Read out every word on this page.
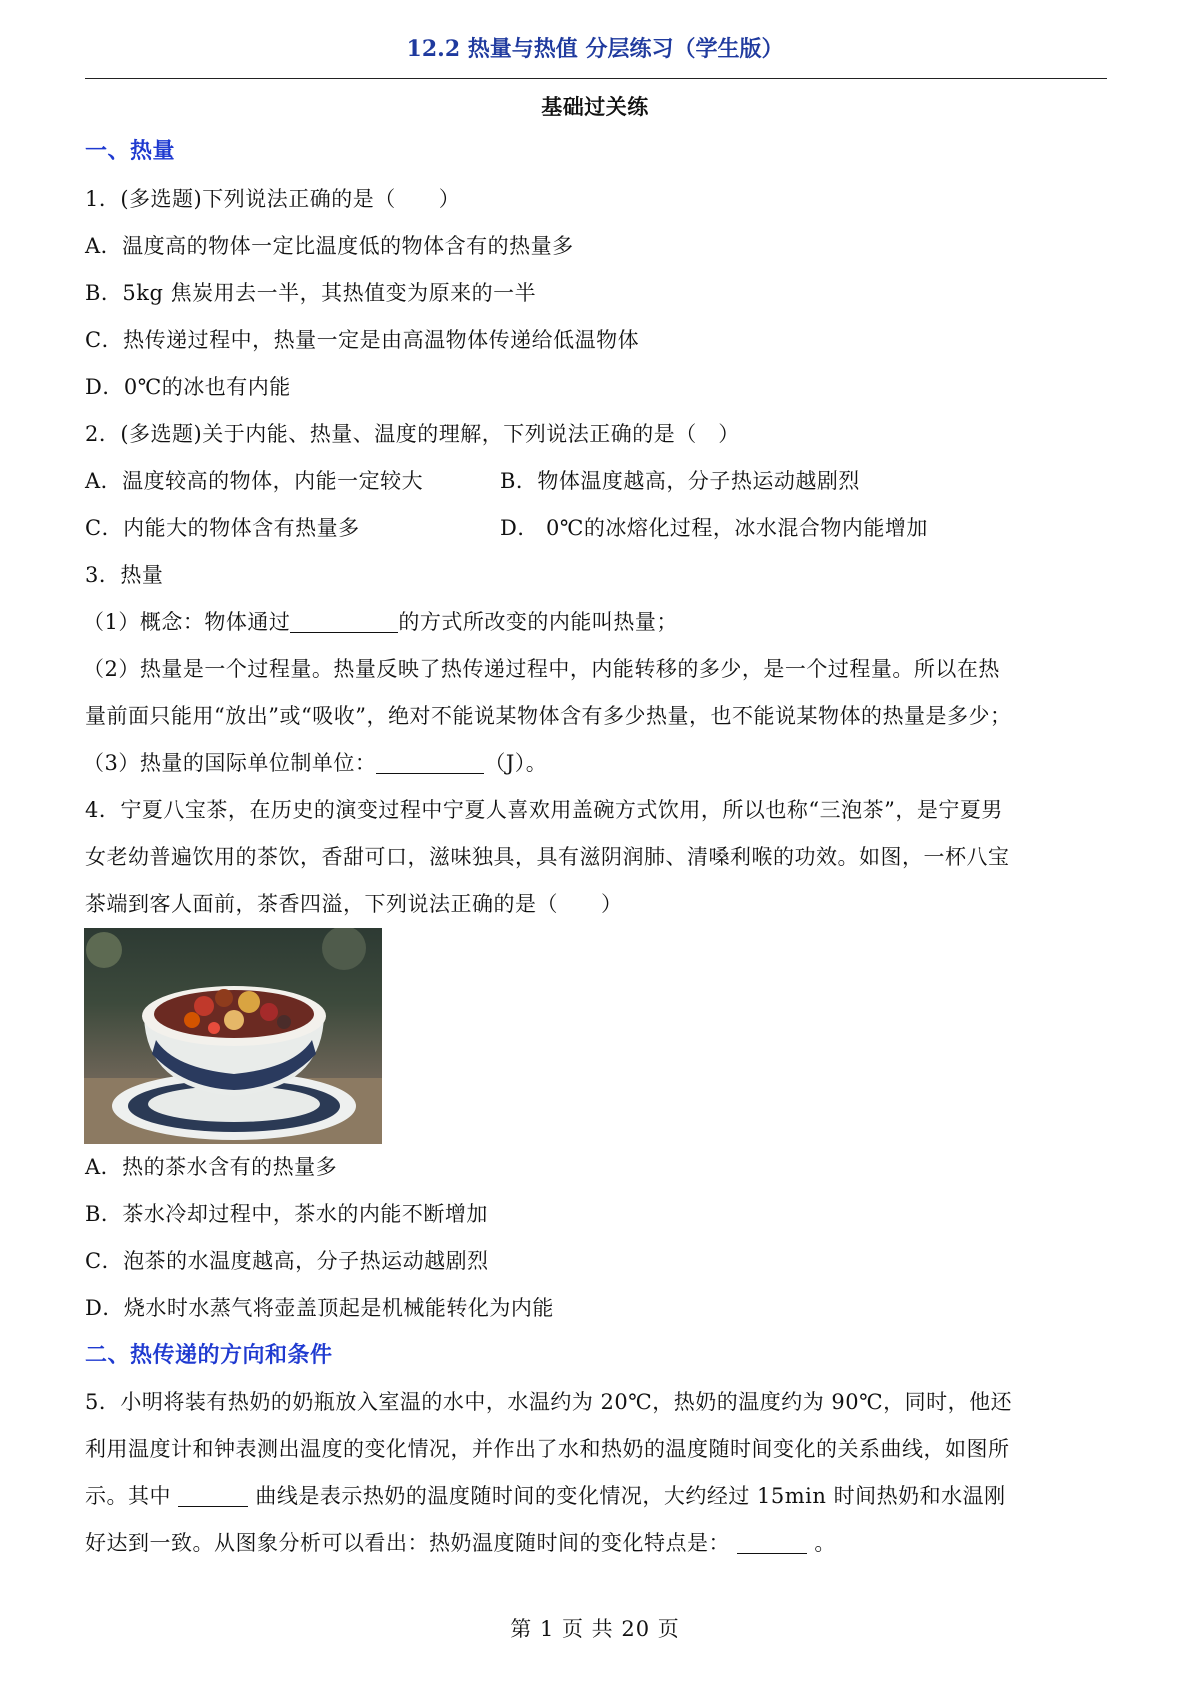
12.2 热量与热值 分层练习（学生版）
基础过关练
一、热量
1．(多选题)下列说法正确的是（　　）
A．温度高的物体一定比温度低的物体含有的热量多
B．5kg 焦炭用去一半，其热值变为原来的一半
C．热传递过程中，热量一定是由高温物体传递给低温物体
D．0℃的冰也有内能
2．(多选题)关于内能、热量、温度的理解，下列说法正确的是（　）
A．温度较高的物体，内能一定较大	B．物体温度越高，分子热运动越剧烈
C．内能大的物体含有热量多	D． 0℃的冰熔化过程，冰水混合物内能增加
3．热量
（1）概念：物体通过	的方式所改变的内能叫热量；
（2）热量是一个过程量。热量反映了热传递过程中，内能转移的多少，是一个过程量。所以在热
量前面只能用“放出”或“吸收”，绝对不能说某物体含有多少热量，也不能说某物体的热量是多少；
（3）热量的国际单位制单位：	（J）。
4．宁夏八宝茶，在历史的演变过程中宁夏人喜欢用盖碗方式饮用，所以也称“三泡茶”，是宁夏男
女老幼普遍饮用的茶饮，香甜可口，滋味独具，具有滋阴润肺、清嗓利喉的功效。如图，一杯八宝
茶端到客人面前，茶香四溢，下列说法正确的是（　　）
A．热的茶水含有的热量多
B．茶水冷却过程中，茶水的内能不断增加
C．泡茶的水温度越高，分子热运动越剧烈
D．烧水时水蒸气将壶盖顶起是机械能转化为内能
二、热传递的方向和条件
5．小明将装有热奶的奶瓶放入室温的水中，水温约为 20℃，热奶的温度约为 90℃，同时，他还
利用温度计和钟表测出温度的变化情况，并作出了水和热奶的温度随时间变化的关系曲线，如图所
示。其中	曲线是表示热奶的温度随时间的变化情况，大约经过 15min 时间热奶和水温刚
好达到一致。从图象分析可以看出：热奶温度随时间的变化特点是：	。
第 1 页 共 20 页
